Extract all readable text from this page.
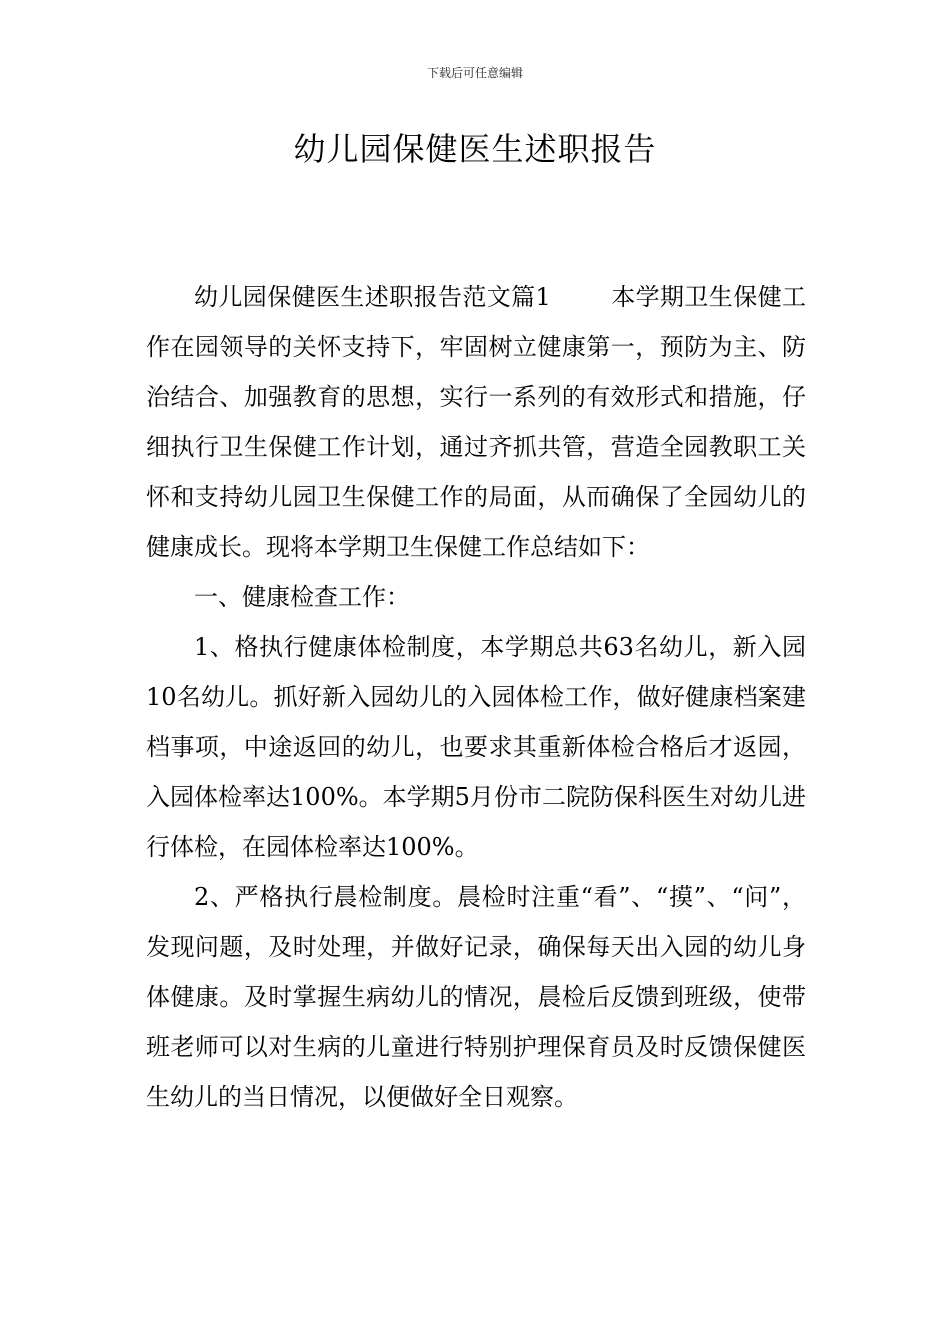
下载后可任意编辑
幼儿园保健医生述职报告

幼儿园保健医生述职报告范文篇1	本学期卫生保健工作在园领导的关怀支持下，牢固树立健康第一，预防为主、防治结合、加强教育的思想，实行一系列的有效形式和措施，仔细执行卫生保健工作计划，通过齐抓共管，营造全园教职工关怀和支持幼儿园卫生保健工作的局面，从而确保了全园幼儿的健康成长。现将本学期卫生保健工作总结如下：

一、健康检查工作：

1、格执行健康体检制度，本学期总共63名幼儿，新入园10名幼儿。抓好新入园幼儿的入园体检工作，做好健康档案建档事项，中途返回的幼儿，也要求其重新体检合格后才返园，入园体检率达100%。本学期5月份市二院防保科医生对幼儿进行体检，在园体检率达100%。

2、严格执行晨检制度。晨检时注重“看”、“摸”、“问”，发现问题，及时处理，并做好记录，确保每天出入园的幼儿身体健康。及时掌握生病幼儿的情况，晨检后反馈到班级，使带班老师可以对生病的儿童进行特别护理保育员及时反馈保健医生幼儿的当日情况，以便做好全日观察。
